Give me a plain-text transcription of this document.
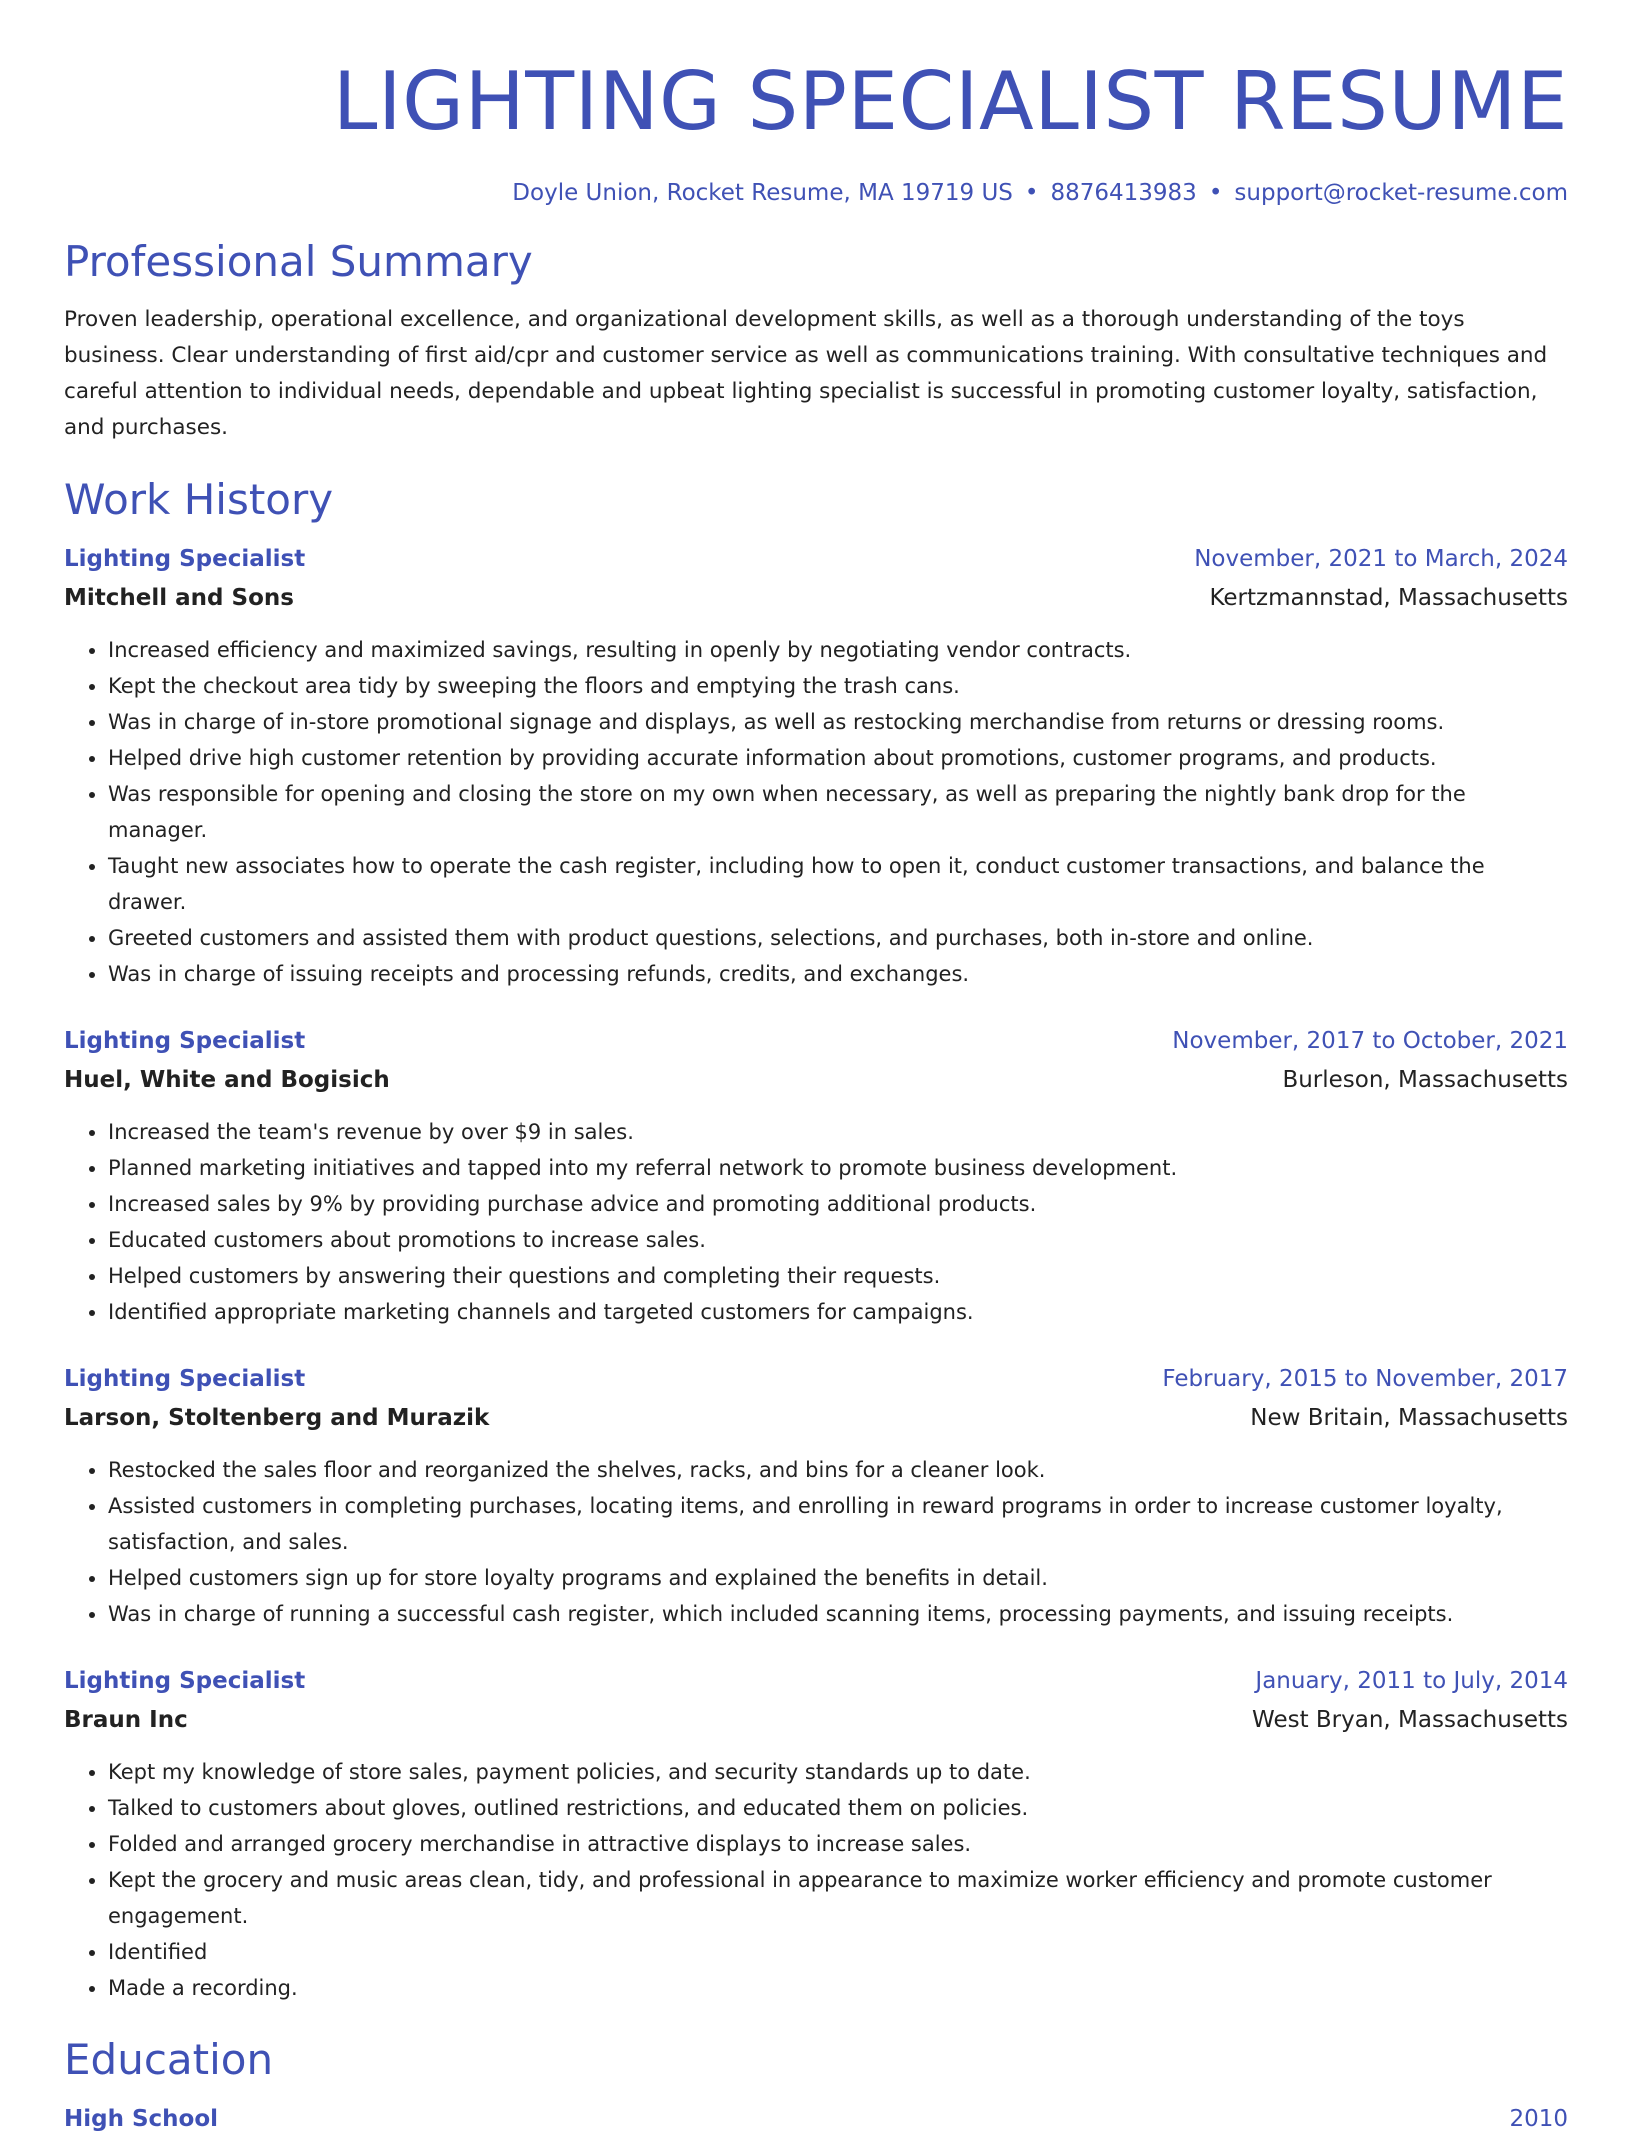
LIGHTING SPECIALIST RESUME
Doyle Union, Rocket Resume, MA 19719 US • 8876413983 • support@rocket-resume.com
Professional Summary

Proven leadership, operational excellence, and organizational development skills, as well as a thorough understanding of the toys business. Clear understanding of first aid/cpr and customer service as well as communications training. With consultative techniques and careful attention to individual needs, dependable and upbeat lighting specialist is successful in promoting customer loyalty, satisfaction, and purchases.

Work History
Lighting Specialist	November, 2021 to March, 2024
Mitchell and Sons	Kertzmannstad, Massachusetts
• Increased efficiency and maximized savings, resulting in openly by negotiating vendor contracts.
• Kept the checkout area tidy by sweeping the floors and emptying the trash cans.
• Was in charge of in-store promotional signage and displays, as well as restocking merchandise from returns or dressing rooms.
• Helped drive high customer retention by providing accurate information about promotions, customer programs, and products.
• Was responsible for opening and closing the store on my own when necessary, as well as preparing the nightly bank drop for the manager.
• Taught new associates how to operate the cash register, including how to open it, conduct customer transactions, and balance the drawer.
• Greeted customers and assisted them with product questions, selections, and purchases, both in-store and online.
• Was in charge of issuing receipts and processing refunds, credits, and exchanges.
Lighting Specialist	November, 2017 to October, 2021
Huel, White and Bogisich	Burleson, Massachusetts
• Increased the team's revenue by over $9 in sales.
• Planned marketing initiatives and tapped into my referral network to promote business development.
• Increased sales by 9% by providing purchase advice and promoting additional products.
• Educated customers about promotions to increase sales.
• Helped customers by answering their questions and completing their requests.
• Identified appropriate marketing channels and targeted customers for campaigns.
Lighting Specialist	February, 2015 to November, 2017
Larson, Stoltenberg and Murazik	New Britain, Massachusetts
• Restocked the sales floor and reorganized the shelves, racks, and bins for a cleaner look.
• Assisted customers in completing purchases, locating items, and enrolling in reward programs in order to increase customer loyalty, satisfaction, and sales.
• Helped customers sign up for store loyalty programs and explained the benefits in detail.
• Was in charge of running a successful cash register, which included scanning items, processing payments, and issuing receipts.
Lighting Specialist	January, 2011 to July, 2014
Braun Inc	West Bryan, Massachusetts
• Kept my knowledge of store sales, payment policies, and security standards up to date.
• Talked to customers about gloves, outlined restrictions, and educated them on policies.
• Folded and arranged grocery merchandise in attractive displays to increase sales.
• Kept the grocery and music areas clean, tidy, and professional in appearance to maximize worker efficiency and promote customer engagement.
• Identified
• Made a recording.
Education
High School	2010
